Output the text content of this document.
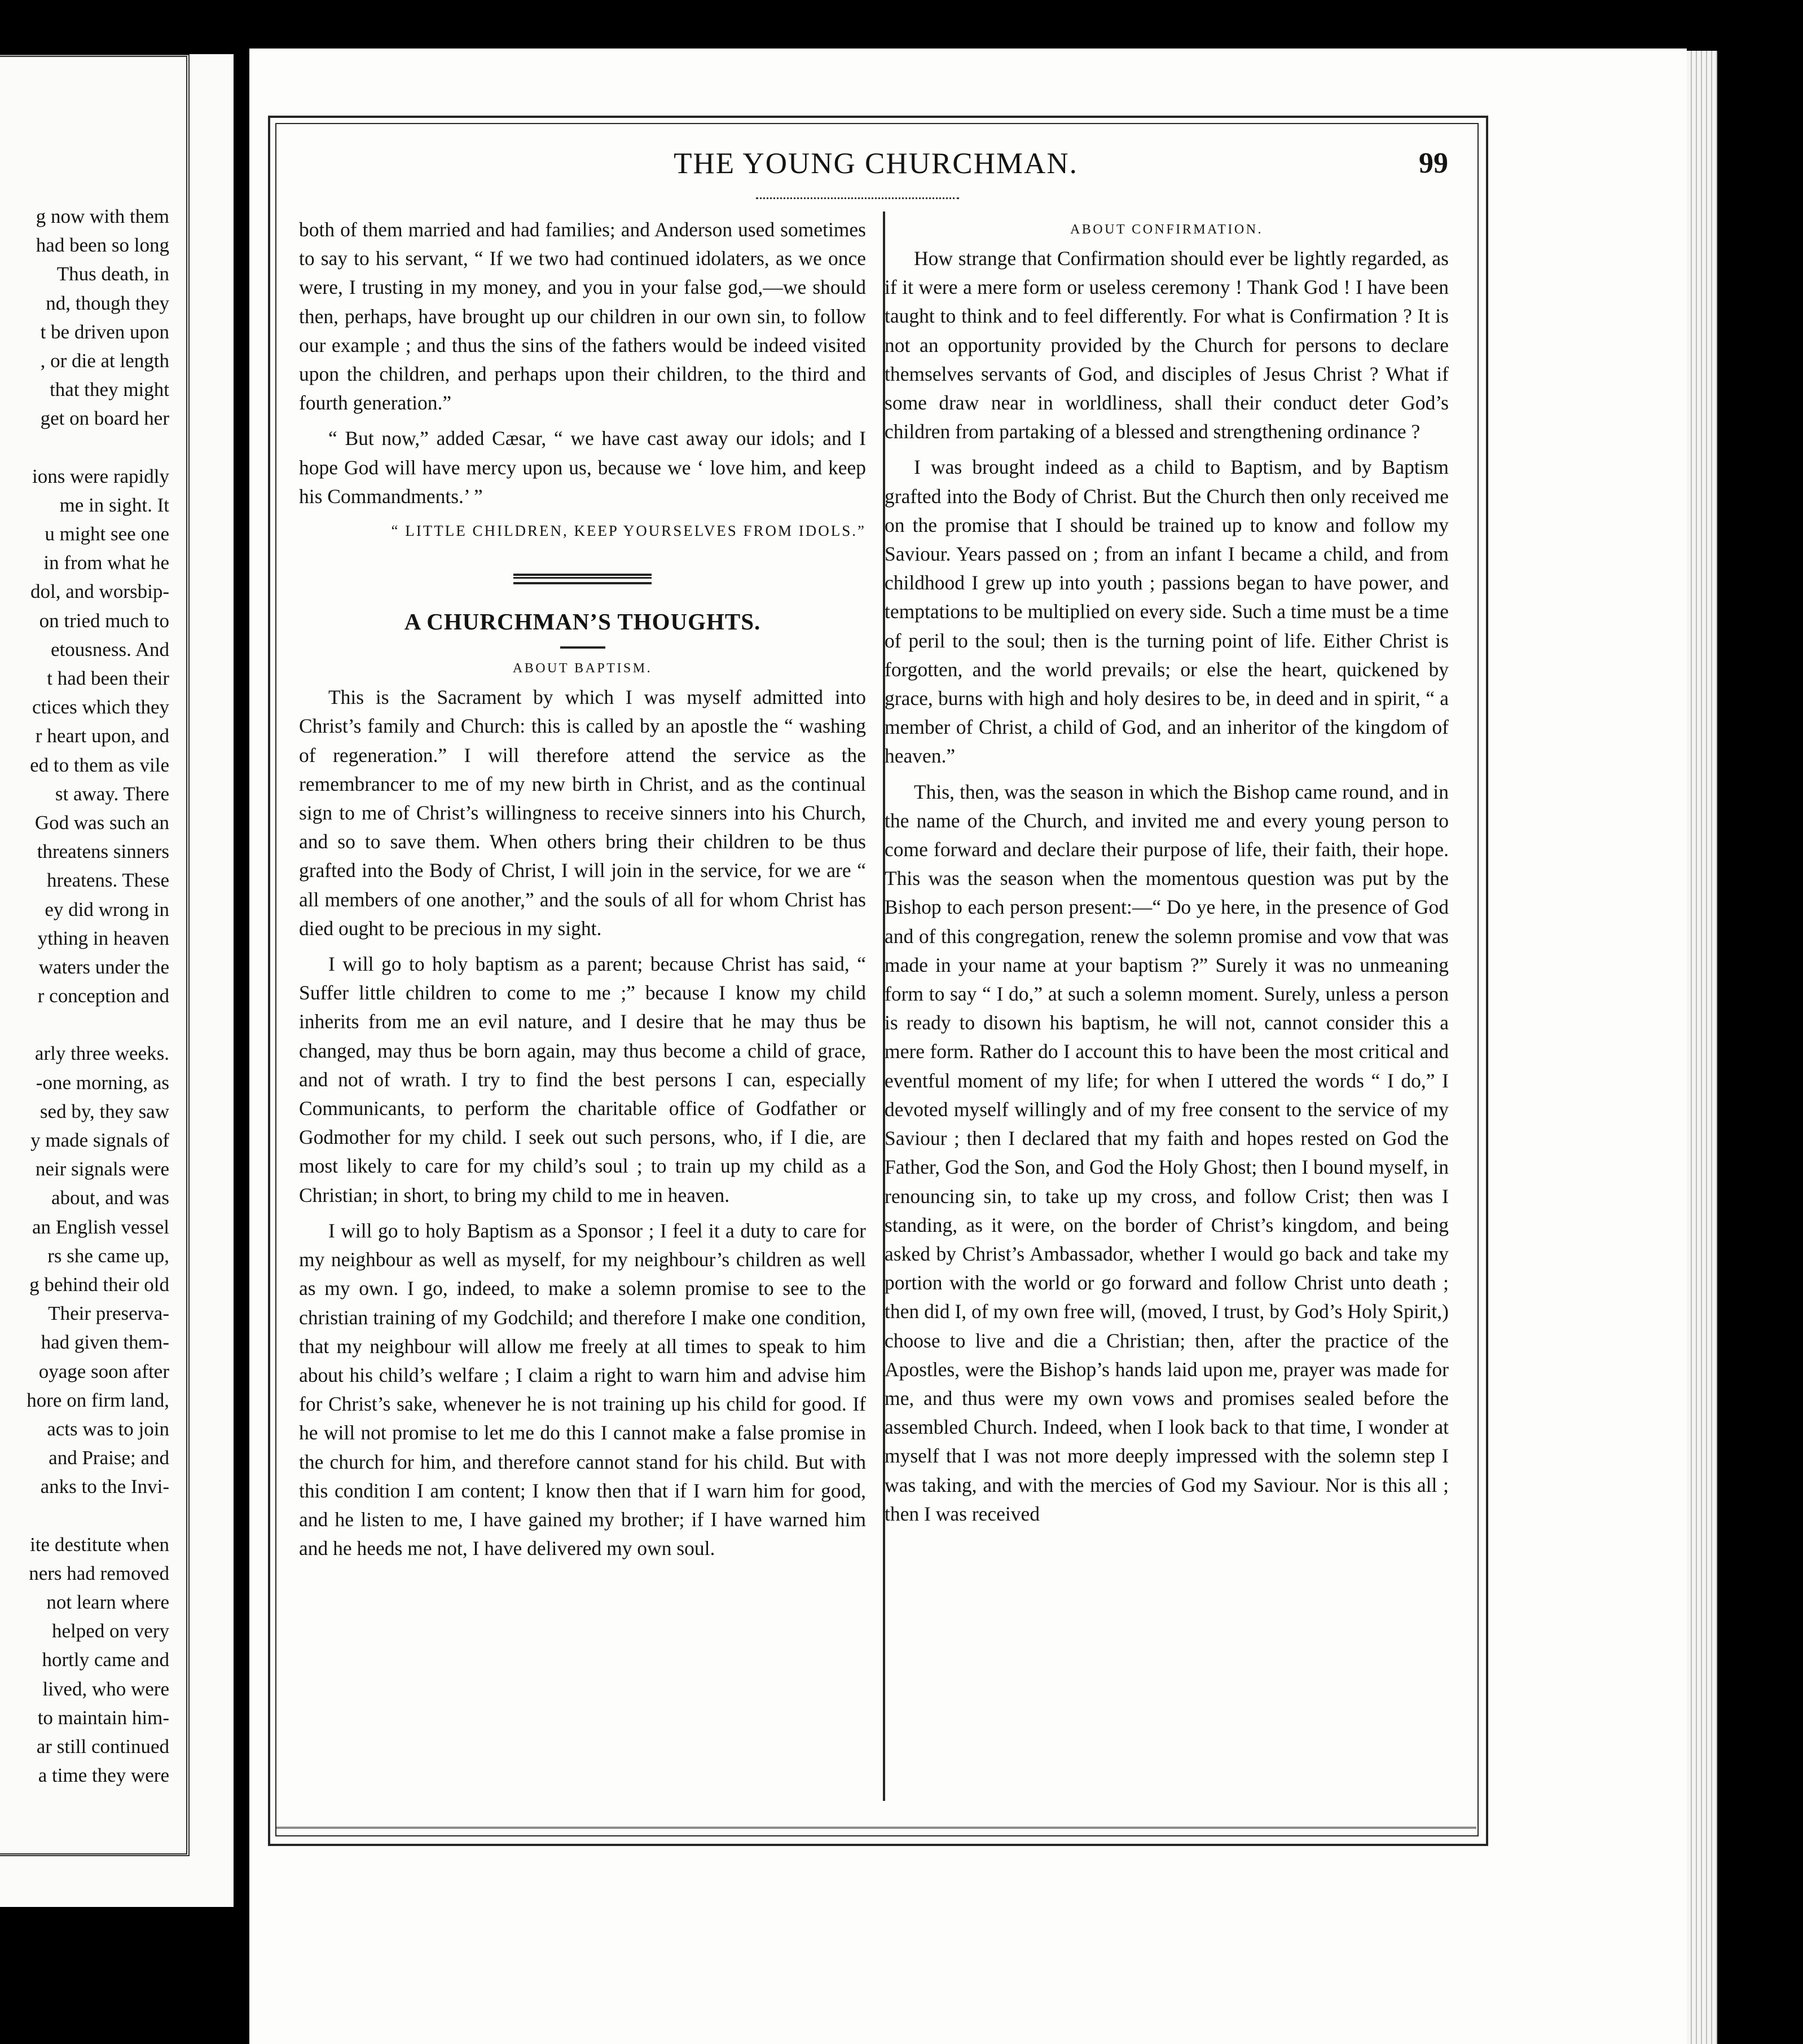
g now with them
had been so long
Thus death, in
nd, though they
t be driven upon
, or die at length
that they might
get on board her
ions were rapidly
me in sight. It
u might see one
in from what he
dol, and worsbip-
on tried much to
etousness. And
t had been their
ctices which they
r heart upon, and
ed to them as vile
st away. There
God was such an
threatens sinners
hreatens. These
ey did wrong in
ything in heaven
waters under the
r conception and
arly three weeks.
-one morning, as
sed by, they saw
y made signals of
neir signals were
about, and was
an English vessel
rs she came up,
g behind their old
Their preserva-
had given them-
oyage soon after
hore on firm land,
acts was to join
and Praise; and
anks to the Invi-
ite destitute when
ners had removed
not learn where
helped on very
hortly came and
lived, who were
to maintain him-
ar still continued
a time they were
THE YOUNG CHURCHMAN.	99

both of them married and had families; and Anderson used sometimes to say to his servant, “ If we two had continued idolaters, as we once were, I trusting in my money, and you in your false god,—we should then, perhaps, have brought up our children in our own sin, to follow our example ; and thus the sins of the fathers would be indeed visited upon the children, and perhaps upon their children, to the third and fourth generation.”

“ But now,” added Cæsar, “ we have cast away our idols; and I hope God will have mercy upon us, because we ‘ love him, and keep his Commandments.’ ”

“ LITTLE CHILDREN, KEEP YOURSELVES FROM IDOLS.”

A CHURCHMAN’S THOUGHTS.

ABOUT BAPTISM.

This is the Sacrament by which I was myself admitted into Christ’s family and Church: this is called by an apostle the “ washing of regeneration.” I will therefore attend the service as the remembrancer to me of my new birth in Christ, and as the continual sign to me of Christ’s willingness to receive sinners into his Church, and so to save them. When others bring their children to be thus grafted into the Body of Christ, I will join in the service, for we are “ all members of one another,” and the souls of all for whom Christ has died ought to be precious in my sight.

I will go to holy baptism as a parent; because Christ has said, “ Suffer little children to come to me ;” because I know my child inherits from me an evil nature, and I desire that he may thus be changed, may thus be born again, may thus become a child of grace, and not of wrath. I try to find the best persons I can, especially Communicants, to perform the charitable office of Godfather or Godmother for my child. I seek out such persons, who, if I die, are most likely to care for my child’s soul ; to train up my child as a Christian; in short, to bring my child to me in heaven.

I will go to holy Baptism as a Sponsor ; I feel it a duty to care for my neighbour as well as myself, for my neighbour’s children as well as my own. I go, indeed, to make a solemn promise to see to the christian training of my Godchild; and therefore I make one condition, that my neighbour will allow me freely at all times to speak to him about his child’s welfare ; I claim a right to warn him and advise him for Christ’s sake, whenever he is not training up his child for good. If he will not promise to let me do this I cannot make a false promise in the church for him, and therefore cannot stand for his child. But with this condition I am content; I know then that if I warn him for good, and he listen to me, I have gained my brother; if I have warned him and he heeds me not, I have delivered my own soul.

ABOUT CONFIRMATION.

How strange that Confirmation should ever be lightly regarded, as if it were a mere form or useless ceremony ! Thank God ! I have been taught to think and to feel differently. For what is Confirmation ? It is not an opportunity provided by the Church for persons to declare themselves servants of God, and disciples of Jesus Christ ? What if some draw near in worldliness, shall their conduct deter God’s children from partaking of a blessed and strengthening ordinance ?

I was brought indeed as a child to Baptism, and by Baptism grafted into the Body of Christ. But the Church then only received me on the promise that I should be trained up to know and follow my Saviour. Years passed on ; from an infant I became a child, and from childhood I grew up into youth ; passions began to have power, and temptations to be multiplied on every side. Such a time must be a time of peril to the soul; then is the turning point of life. Either Christ is forgotten, and the world prevails; or else the heart, quickened by grace, burns with high and holy desires to be, in deed and in spirit, “ a member of Christ, a child of God, and an inheritor of the kingdom of heaven.”

This, then, was the season in which the Bishop came round, and in the name of the Church, and invited me and every young person to come forward and declare their purpose of life, their faith, their hope. This was the season when the momentous question was put by the Bishop to each person present:—“ Do ye here, in the presence of God and of this congregation, renew the solemn promise and vow that was made in your name at your baptism ?” Surely it was no unmeaning form to say “ I do,” at such a solemn moment. Surely, unless a person is ready to disown his baptism, he will not, cannot consider this a mere form. Rather do I account this to have been the most critical and eventful moment of my life; for when I uttered the words “ I do,” I devoted myself willingly and of my free consent to the service of my Saviour ; then I declared that my faith and hopes rested on God the Father, God the Son, and God the Holy Ghost; then I bound myself, in renouncing sin, to take up my cross, and follow Crist; then was I standing, as it were, on the border of Christ’s kingdom, and being asked by Christ’s Ambassador, whether I would go back and take my portion with the world or go forward and follow Christ unto death ; then did I, of my own free will, (moved, I trust, by God’s Holy Spirit,) choose to live and die a Christian; then, after the practice of the Apostles, were the Bishop’s hands laid upon me, prayer was made for me, and thus were my own vows and promises sealed before the assembled Church. Indeed, when I look back to that time, I wonder at myself that I was not more deeply impressed with the solemn step I was taking, and with the mercies of God my Saviour. Nor is this all ; then I was received
